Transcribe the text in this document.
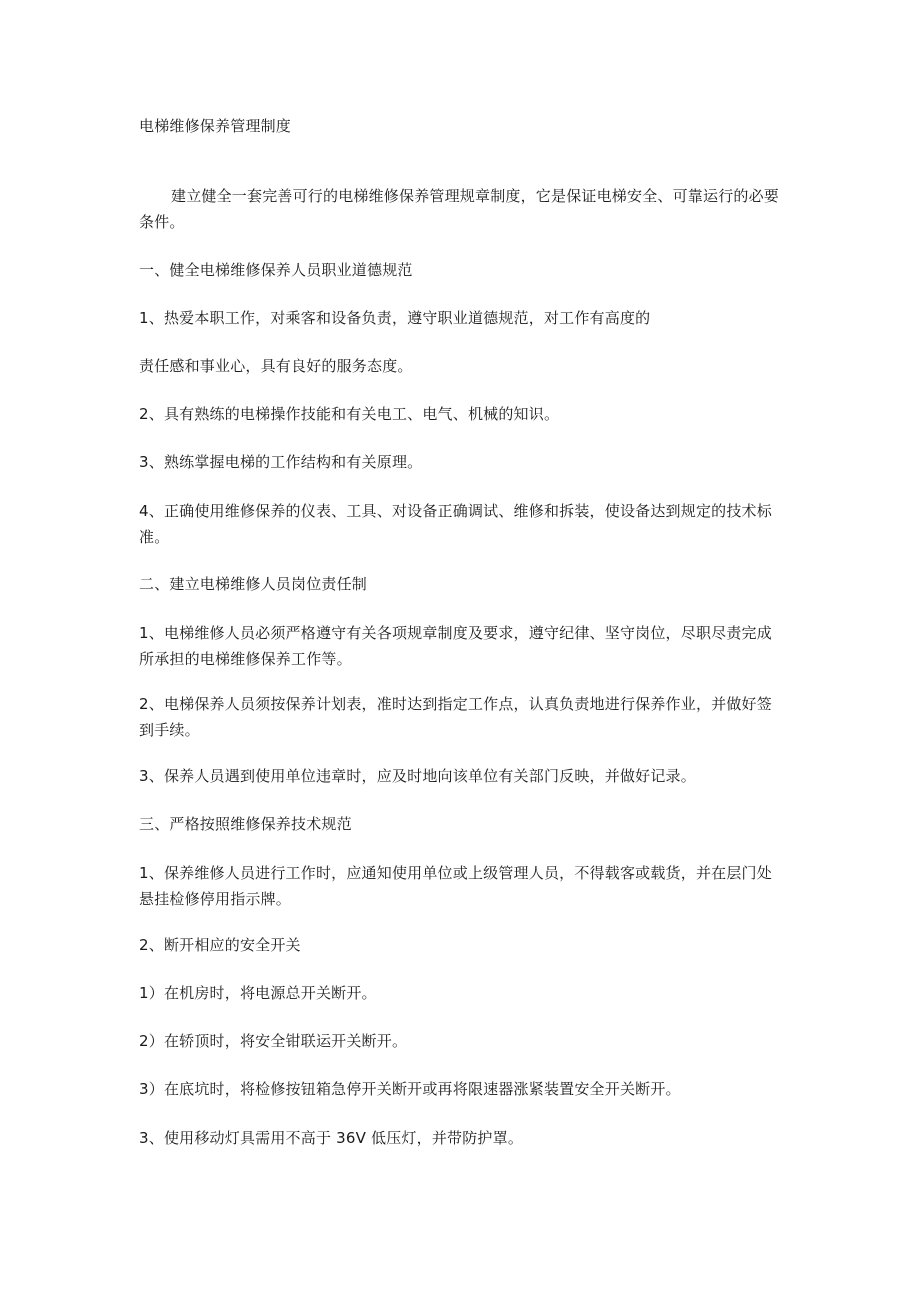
电梯维修保养管理制度
建立健全一套完善可行的电梯维修保养管理规章制度，它是保证电梯安全、可靠运行的必要条件。
一、健全电梯维修保养人员职业道德规范
1、热爱本职工作，对乘客和设备负责，遵守职业道德规范，对工作有高度的
责任感和事业心，具有良好的服务态度。
2、具有熟练的电梯操作技能和有关电工、电气、机械的知识。
3、熟练掌握电梯的工作结构和有关原理。
4、正确使用维修保养的仪表、工具、对设备正确调试、维修和拆装，使设备达到规定的技术标准。
二、建立电梯维修人员岗位责任制
1、电梯维修人员必须严格遵守有关各项规章制度及要求，遵守纪律、坚守岗位，尽职尽责完成所承担的电梯维修保养工作等。
2、电梯保养人员须按保养计划表，准时达到指定工作点，认真负责地进行保养作业，并做好签到手续。
3、保养人员遇到使用单位违章时，应及时地向该单位有关部门反映，并做好记录。
三、严格按照维修保养技术规范
1、保养维修人员进行工作时，应通知使用单位或上级管理人员，不得载客或载货，并在层门处悬挂检修停用指示牌。
2、断开相应的安全开关
1）在机房时，将电源总开关断开。
2）在轿顶时，将安全钳联运开关断开。
3）在底坑时，将检修按钮箱急停开关断开或再将限速器涨紧装置安全开关断开。
3、使用移动灯具需用不高于 36V 低压灯，并带防护罩。
